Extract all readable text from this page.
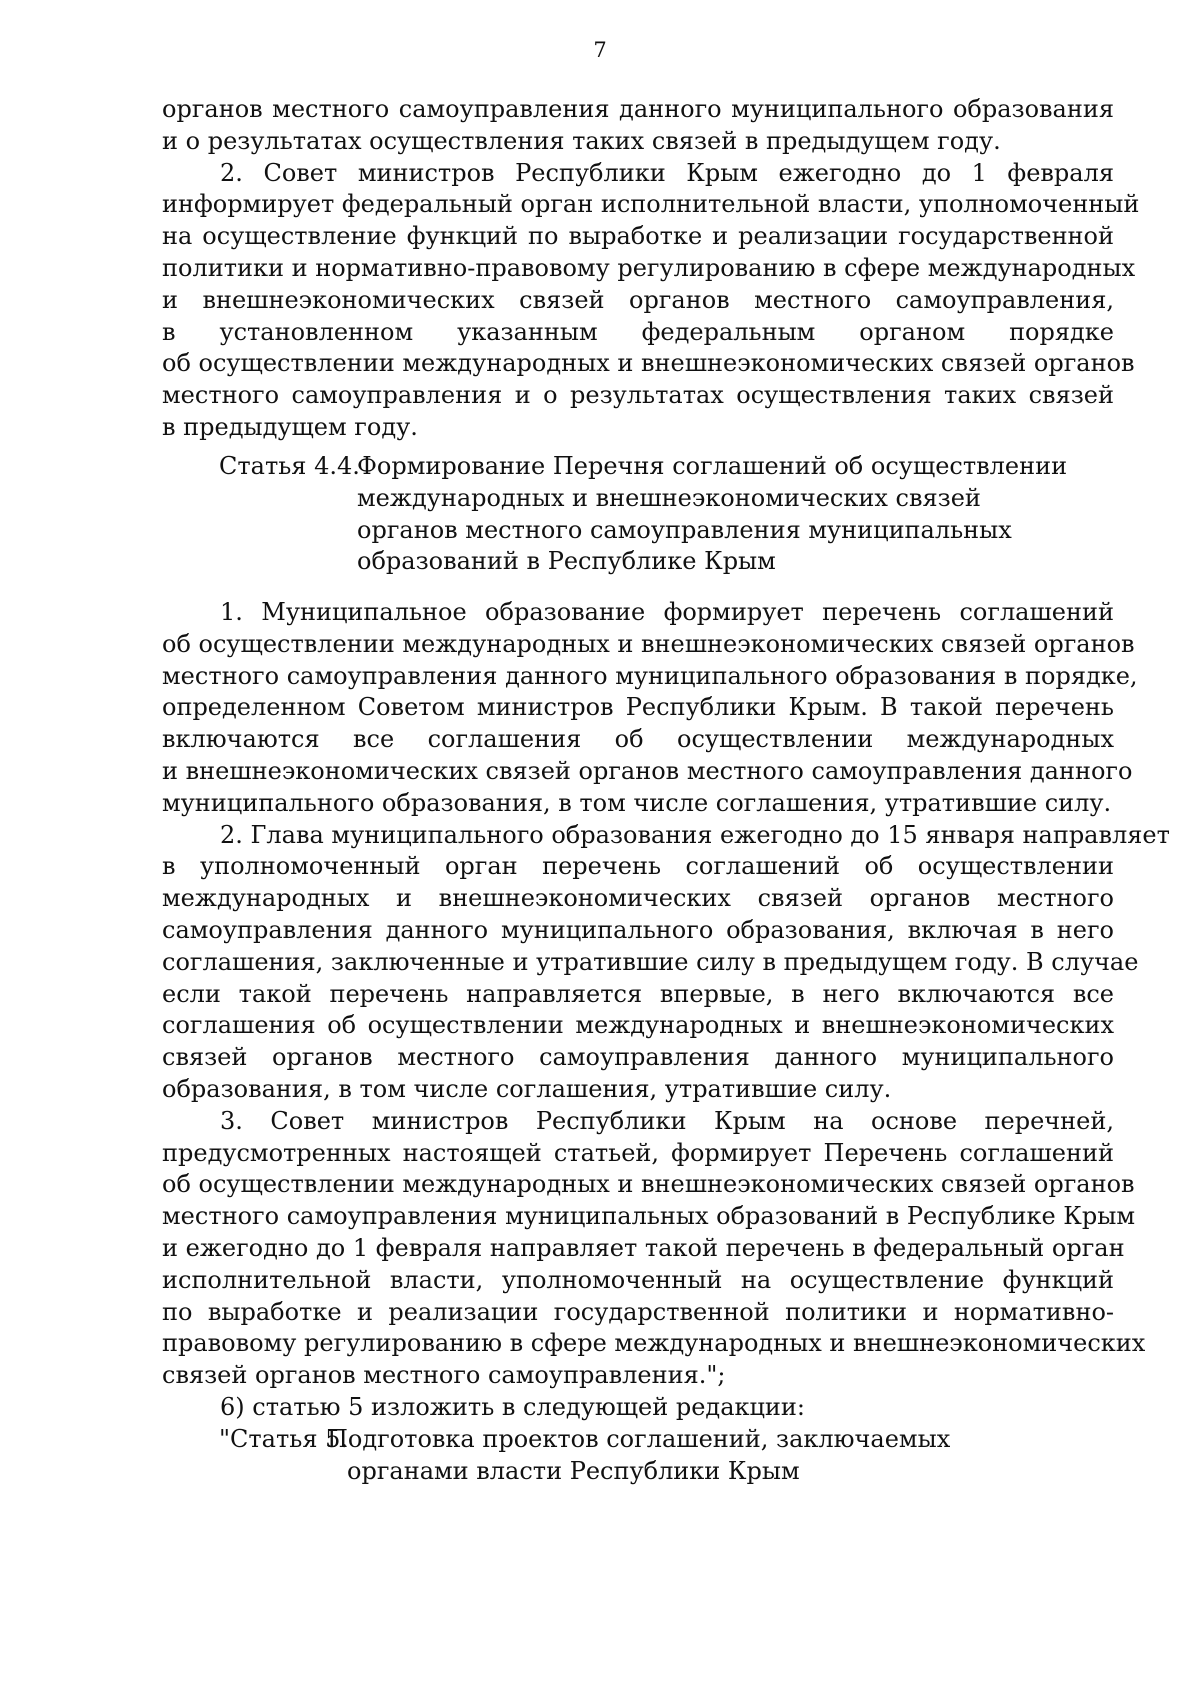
7
органов местного самоуправления данного муниципального образования
и о результатах осуществления таких связей в предыдущем году.
2. Совет министров Республики Крым ежегодно до 1 февраля
информирует федеральный орган исполнительной власти, уполномоченный
на осуществление функций по выработке и реализации государственной
политики и нормативно-правовому регулированию в сфере международных
и внешнеэкономических связей органов местного самоуправления,
в установленном указанным федеральным органом порядке
об осуществлении международных и внешнеэкономических связей органов
местного самоуправления и о результатах осуществления таких связей
в предыдущем году.
Статья 4.4.
Формирование Перечня соглашений об осуществлении
международных и внешнеэкономических связей
органов местного самоуправления муниципальных
образований в Республике Крым
1. Муниципальное образование формирует перечень соглашений
об осуществлении международных и внешнеэкономических связей органов
местного самоуправления данного муниципального образования в порядке,
определенном Советом министров Республики Крым. В такой перечень
включаются все соглашения об осуществлении международных
и внешнеэкономических связей органов местного самоуправления данного
муниципального образования, в том числе соглашения, утратившие силу.
2. Глава муниципального образования ежегодно до 15 января направляет
в уполномоченный орган перечень соглашений об осуществлении
международных и внешнеэкономических связей органов местного
самоуправления данного муниципального образования, включая в него
соглашения, заключенные и утратившие силу в предыдущем году. В случае
если такой перечень направляется впервые, в него включаются все
соглашения об осуществлении международных и внешнеэкономических
связей органов местного самоуправления данного муниципального
образования, в том числе соглашения, утратившие силу.
3. Совет министров Республики Крым на основе перечней,
предусмотренных настоящей статьей, формирует Перечень соглашений
об осуществлении международных и внешнеэкономических связей органов
местного самоуправления муниципальных образований в Республике Крым
и ежегодно до 1 февраля направляет такой перечень в федеральный орган
исполнительной власти, уполномоченный на осуществление функций
по выработке и реализации государственной политики и нормативно-
правовому регулированию в сфере международных и внешнеэкономических
связей органов местного самоуправления.";
6) статью 5 изложить в следующей редакции:
"Статья 5.
Подготовка проектов соглашений, заключаемых
органами власти Республики Крым
